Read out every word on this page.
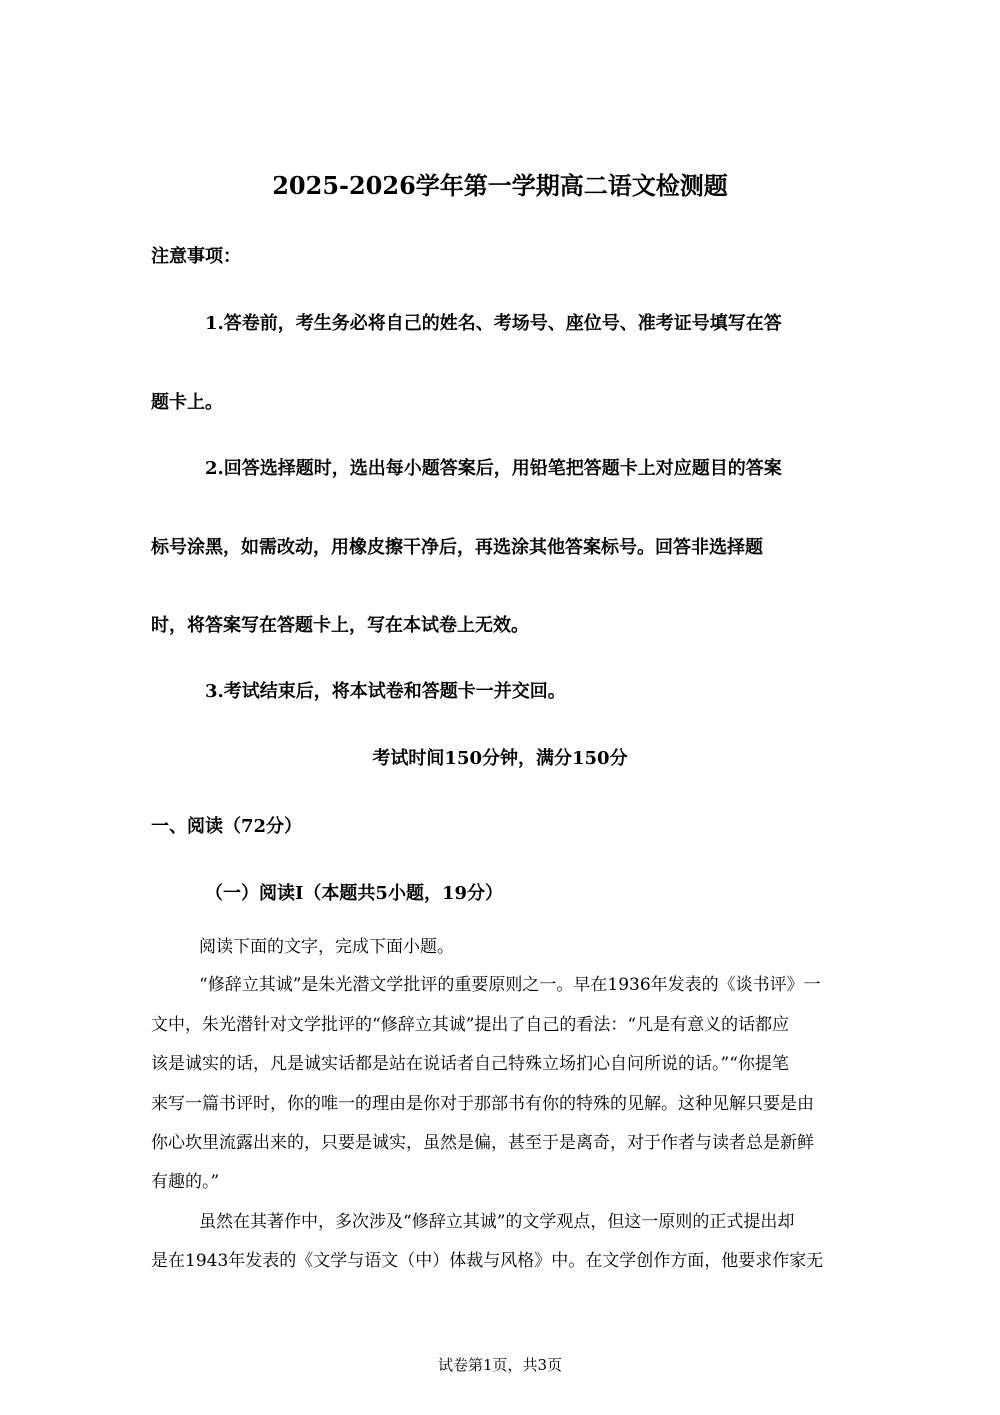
2025-2026学年第一学期高二语文检测题
注意事项：
1.答卷前，考生务必将自己的姓名、考场号、座位号、准考证号填写在答
题卡上。
2.回答选择题时，选出每小题答案后，用铅笔把答题卡上对应题目的答案
标号涂黑，如需改动，用橡皮擦干净后，再选涂其他答案标号。回答非选择题
时，将答案写在答题卡上，写在本试卷上无效。
3.考试结束后，将本试卷和答题卡一并交回。
考试时间150分钟，满分150分
一、阅读（72分）
（一）阅读I（本题共5小题，19分）
阅读下面的文字，完成下面小题。
“修辞立其诚”是朱光潜文学批评的重要原则之一。早在1936年发表的《谈书评》一
文中，朱光潜针对文学批评的“修辞立其诚”提出了自己的看法：“凡是有意义的话都应
该是诚实的话，凡是诚实话都是站在说话者自己特殊立场扪心自问所说的话。”“你提笔
来写一篇书评时，你的唯一的理由是你对于那部书有你的特殊的见解。这种见解只要是由
你心坎里流露出来的，只要是诚实，虽然是偏，甚至于是离奇，对于作者与读者总是新鲜
有趣的。”
虽然在其著作中，多次涉及“修辞立其诚”的文学观点，但这一原则的正式提出却
是在1943年发表的《文学与语文（中）体裁与风格》中。在文学创作方面，他要求作家无
试卷第1页，共3页
